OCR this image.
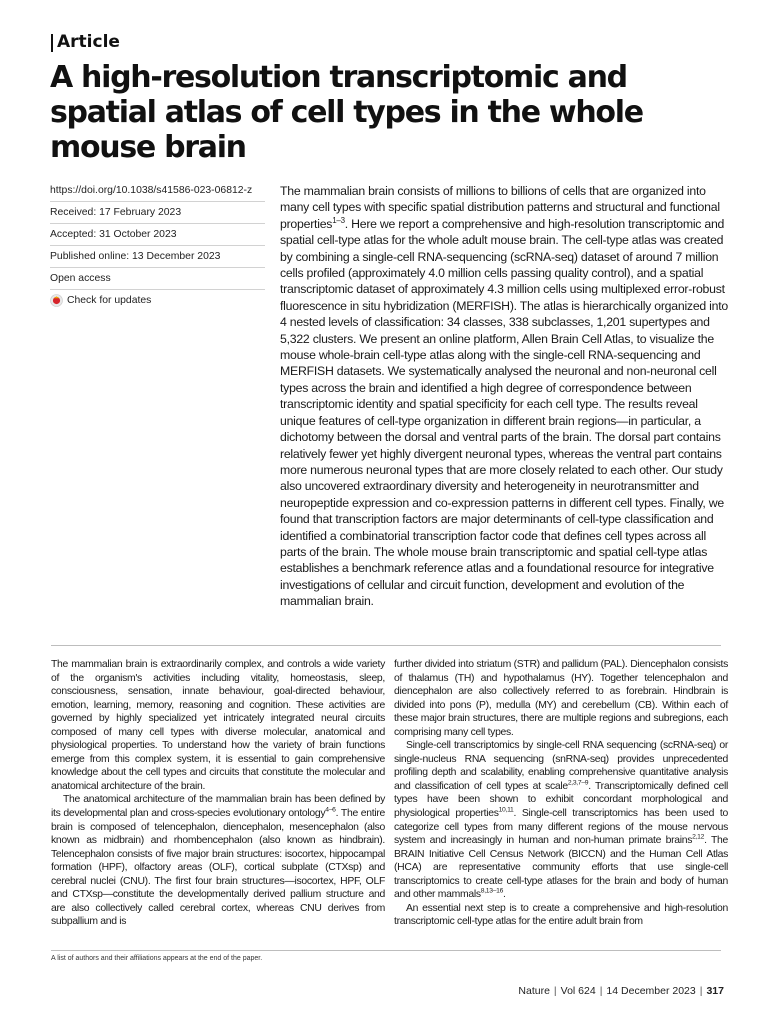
Article
A high-resolution transcriptomic and spatial atlas of cell types in the whole mouse brain
https://doi.org/10.1038/s41586-023-06812-z
Received: 17 February 2023
Accepted: 31 October 2023
Published online: 13 December 2023
Open access
Check for updates

The mammalian brain consists of millions to billions of cells that are organized into many cell types with specific spatial distribution patterns and structural and functional properties$^{1-3}$. Here we report a comprehensive and high-resolution transcriptomic and spatial cell-type atlas for the whole adult mouse brain. The cell-type atlas was created by combining a single-cell RNA-sequencing (scRNA-seq) dataset of around 7 million cells profiled (approximately 4.0 million cells passing quality control), and a spatial transcriptomic dataset of approximately 4.3 million cells using multiplexed error-robust fluorescence in situ hybridization (MERFISH). The atlas is hierarchically organized into 4 nested levels of classification: 34 classes, 338 subclasses, 1,201 supertypes and 5,322 clusters. We present an online platform, Allen Brain Cell Atlas, to visualize the mouse whole-brain cell-type atlas along with the single-cell RNA-sequencing and MERFISH datasets. We systematically analysed the neuronal and non-neuronal cell types across the brain and identified a high degree of correspondence between transcriptomic identity and spatial specificity for each cell type. The results reveal unique features of cell-type organization in different brain regions—in particular, a dichotomy between the dorsal and ventral parts of the brain. The dorsal part contains relatively fewer yet highly divergent neuronal types, whereas the ventral part contains more numerous neuronal types that are more closely related to each other. Our study also uncovered extraordinary diversity and heterogeneity in neurotransmitter and neuropeptide expression and co-expression patterns in different cell types. Finally, we found that transcription factors are major determinants of cell-type classification and identified a combinatorial transcription factor code that defines cell types across all parts of the brain. The whole mouse brain transcriptomic and spatial cell-type atlas establishes a benchmark reference atlas and a foundational resource for integrative investigations of cellular and circuit function, development and evolution of the mammalian brain.

The mammalian brain is extraordinarily complex, and controls a wide variety of the organism's activities including vitality, homeostasis, sleep, consciousness, sensation, innate behaviour, goal-directed behaviour, emotion, learning, memory, reasoning and cognition. These activities are governed by highly specialized yet intricately integrated neural circuits composed of many cell types with diverse molecular, anatomical and physiological properties. To understand how the variety of brain functions emerge from this complex system, it is essential to gain comprehensive knowledge about the cell types and circuits that constitute the molecular and anatomical architecture of the brain.

The anatomical architecture of the mammalian brain has been defined by its developmental plan and cross-species evolutionary ontology$^{4-6}$. The entire brain is composed of telencephalon, diencephalon, mesencephalon (also known as midbrain) and rhombencephalon (also known as hindbrain). Telencephalon consists of five major brain structures: isocortex, hippocampal formation (HPF), olfactory areas (OLF), cortical subplate (CTXsp) and cerebral nuclei (CNU). The first four brain structures—isocortex, HPF, OLF and CTXsp—constitute the developmentally derived pallium structure and are also collectively called cerebral cortex, whereas CNU derives from subpallium and is

further divided into striatum (STR) and pallidum (PAL). Diencephalon consists of thalamus (TH) and hypothalamus (HY). Together telencephalon and diencephalon are also collectively referred to as forebrain. Hindbrain is divided into pons (P), medulla (MY) and cerebellum (CB). Within each of these major brain structures, there are multiple regions and subregions, each comprising many cell types.

Single-cell transcriptomics by single-cell RNA sequencing (scRNA-seq) or single-nucleus RNA sequencing (snRNA-seq) provides unprecedented profiling depth and scalability, enabling comprehensive quantitative analysis and classification of cell types at scale$^{2,3,7-9}$. Transcriptomically defined cell types have been shown to exhibit concordant morphological and physiological properties$^{10,11}$. Single-cell transcriptomics has been used to categorize cell types from many different regions of the mouse nervous system and increasingly in human and non-human primate brains$^{2,12}$. The BRAIN Initiative Cell Census Network (BICCN) and the Human Cell Atlas (HCA) are representative community efforts that use single-cell transcriptomics to create cell-type atlases for the brain and body of human and other mammals$^{8,13-16}$.

An essential next step is to create a comprehensive and high-resolution transcriptomic cell-type atlas for the entire adult brain from

A list of authors and their affiliations appears at the end of the paper.
Nature | Vol 624 | 14 December 2023 | 317
